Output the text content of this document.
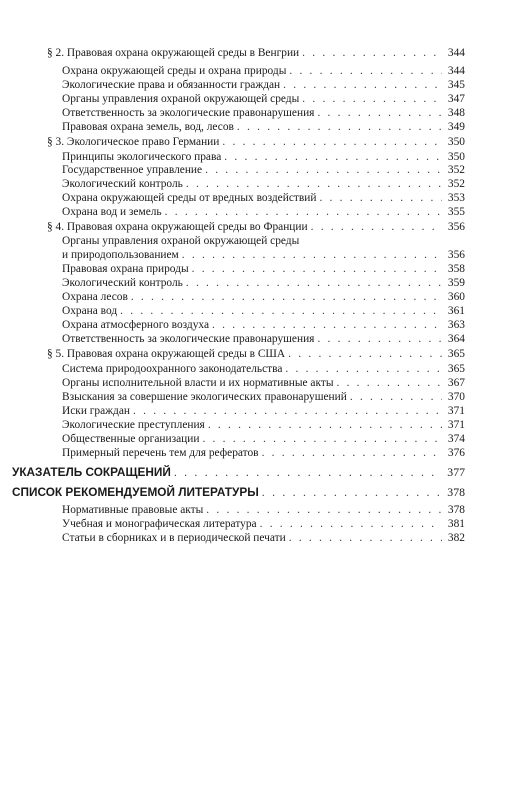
§ 2. Правовая охрана окружающей среды в Венгрии . . .	344
Охрана окружающей среды и охрана природы . . .	344
Экологические права и обязанности граждан . . .	345
Органы управления охраной окружающей среды . . .	347
Ответственность за экологические правонарушения . . .	348
Правовая охрана земель, вод, лесов . . .	349
§ 3. Экологическое право Германии . . .	350
Принципы экологического права . . .	350
Государственное управление . . .	352
Экологический контроль . . .	352
Охрана окружающей среды от вредных воздействий . . .	353
Охрана вод и земель . . .	355
§ 4. Правовая охрана окружающей среды во Франции . . .	356
Органы управления охраной окружающей среды
и природопользованием . . .	356
Правовая охрана природы . . .	358
Экологический контроль . . .	359
Охрана лесов . . .	360
Охрана вод . . .	361
Охрана атмосферного воздуха . . .	363
Ответственность за экологические правонарушения . . .	364
§ 5. Правовая охрана окружающей среды в США . . .	365
Система природоохранного законодательства . . .	365
Органы исполнительной власти и их нормативные акты . . .	367
Взыскания за совершение экологических правонарушений . . .	370
Иски граждан . . .	371
Экологические преступления . . .	371
Общественные организации . . .	374
Примерный перечень тем для рефератов . . .	376
УКАЗАТЕЛЬ СОКРАЩЕНИЙ . . .	377
СПИСОК РЕКОМЕНДУЕМОЙ ЛИТЕРАТУРЫ . . .	378
Нормативные правовые акты . . .	378
Учебная и монографическая литература . . .	381
Статьи в сборниках и в периодической печати . . .	382
